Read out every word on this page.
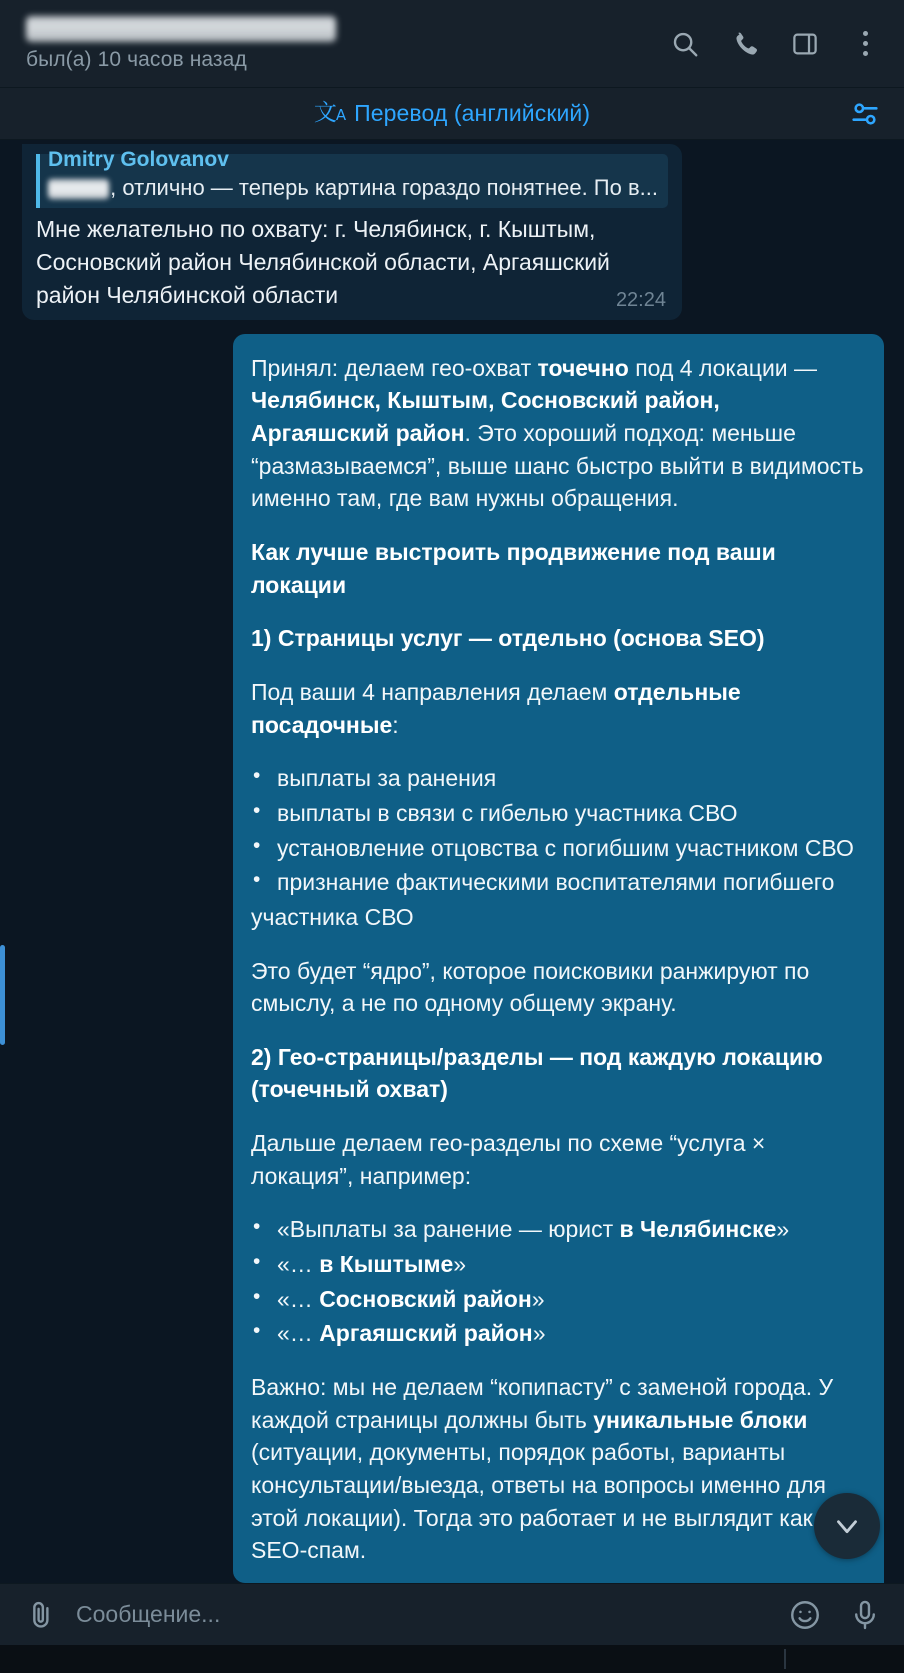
был(а) 10 часов назад
文 A Перевод (английский)
Dmitry Golovanov
, отлично — теперь картина гораздо понятнее. По в...
Мне желательно по охвату: г. Челябинск, г. Кыштым, Сосновский район Челябинской области, Аргаяшский район Челябинской области	22:24

Принял: делаем гео-охват точечно под 4 локации — Челябинск, Кыштым, Сосновский район, Аргаяшский район. Это хороший подход: меньше “размазываемся”, выше шанс быстро выйти в видимость именно там, где вам нужны обращения.

Как лучше выстроить продвижение под ваши локации

1) Страницы услуг — отдельно (основа SEO)

Под ваши 4 направления делаем отдельные посадочные:

• выплаты за ранения
• выплаты в связи с гибелью участника СВО
• установление отцовства с погибшим участником СВО
• признание фактическими воспитателями погибшего
участника СВО

Это будет “ядро”, которое поисковики ранжируют по смыслу, а не по одному общему экрану.

2) Гео-страницы/разделы — под каждую локацию (точечный охват)

Дальше делаем гео-разделы по схеме “услуга × локация”, например:

• «Выплаты за ранение — юрист в Челябинске»
• «… в Кыштыме»
• «… Сосновский район»
• «… Аргаяшский район»

Важно: мы не делаем “копипасту” с заменой города. У каждой страницы должны быть уникальные блоки (ситуации, документы, порядок работы, варианты консультации/выезда, ответы на вопросы именно для этой локации). Тогда это работает и не выглядит как SEO-спам.

Сообщение...
